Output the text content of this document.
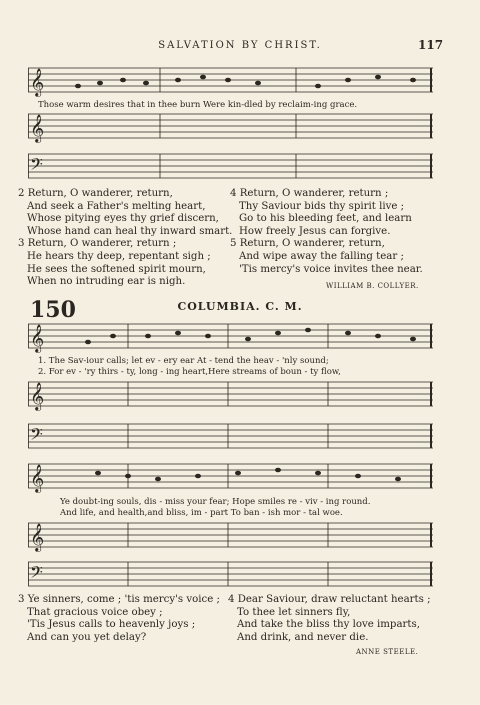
SALVATION BY CHRIST.	117
𝄞
Those warm desires that in thee burn Were kin-dled by reclaim-ing grace.
𝄞
𝄢
2 Return, O wanderer, return,
And seek a Father's melting heart,
Whose pitying eyes thy grief discern,
Whose hand can heal thy inward smart.
3 Return, O wanderer, return ;
He hears thy deep, repentant sigh ;
He sees the softened spirit mourn,
When no intruding ear is nigh.
4 Return, O wanderer, return ;
Thy Saviour bids thy spirit live ;
Go to his bleeding feet, and learn
How freely Jesus can forgive.
5 Return, O wanderer, return,
And wipe away the falling tear ;
'Tis mercy's voice invites thee near.
WILLIAM B. COLLYER.
150	COLUMBIA. C. M.
𝄞
1. The Sav-iour calls; let ev - ery ear At - tend the heav - 'nly sound;
2. For ev - 'ry thirs - ty, long - ing heart,Here streams of boun - ty flow,
𝄞
𝄢
𝄞
Ye doubt-ing souls, dis - miss your fear; Hope smiles re - viv - ing round.
And life, and health,and bliss, im - part To ban - ish mor - tal woe.
𝄞
𝄢
3 Ye sinners, come ; 'tis mercy's voice ;
That gracious voice obey ;
'Tis Jesus calls to heavenly joys ;
And can you yet delay?
4 Dear Saviour, draw reluctant hearts ;
To thee let sinners fly,
And take the bliss thy love imparts,
And drink, and never die.
ANNE STEELE.
